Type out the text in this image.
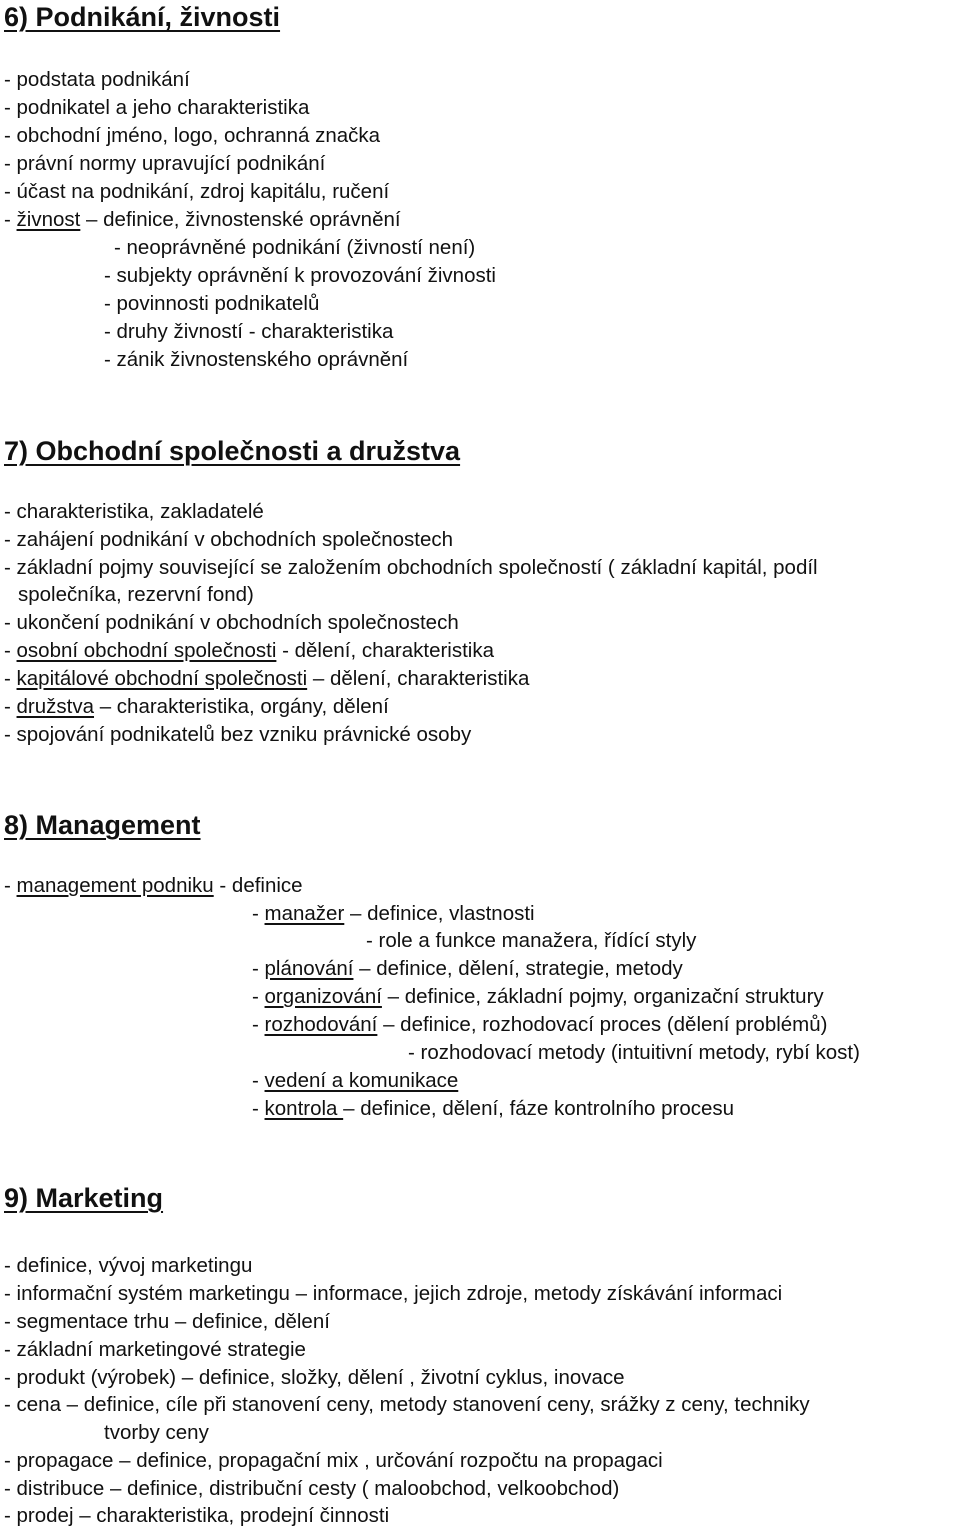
6) Podnikání, živnosti

- podstata podnikání

- podnikatel a jeho charakteristika

- obchodní jméno, logo, ochranná značka

- právní normy upravující podnikání

- účast na podnikání, zdroj kapitálu, ručení

- živnost – definice, živnostenské oprávnění

- neoprávněné podnikání (živností není)

- subjekty oprávnění k provozování živnosti

- povinnosti podnikatelů

- druhy živností - charakteristika

- zánik živnostenského oprávnění

7) Obchodní společnosti a družstva

- charakteristika, zakladatelé

- zahájení podnikání v obchodních společnostech

- základní pojmy související se založením obchodních společností ( základní kapitál, podíl

společníka, rezervní fond)

- ukončení podnikání v obchodních společnostech

- osobní obchodní společnosti - dělení, charakteristika

- kapitálové obchodní společnosti – dělení, charakteristika

- družstva – charakteristika, orgány, dělení

- spojování podnikatelů bez vzniku právnické osoby

8) Management

- management podniku - definice

- manažer – definice, vlastnosti

- role a funkce manažera, řídící styly

- plánování – definice, dělení, strategie, metody

- organizování – definice, základní pojmy, organizační struktury

- rozhodování – definice, rozhodovací proces (dělení problémů)

- rozhodovací metody (intuitivní metody, rybí kost)

- vedení a komunikace

- kontrola – definice, dělení, fáze kontrolního procesu

9) Marketing

- definice, vývoj marketingu

- informační systém marketingu – informace, jejich zdroje, metody získávání informaci

- segmentace trhu – definice, dělení

- základní marketingové strategie

- produkt (výrobek) – definice, složky, dělení , životní cyklus, inovace

- cena – definice, cíle při stanovení ceny, metody stanovení ceny, srážky z ceny, techniky

tvorby ceny

- propagace – definice, propagační mix , určování rozpočtu na propagaci

- distribuce – definice, distribuční cesty ( maloobchod, velkoobchod)

- prodej – charakteristika, prodejní činnosti
